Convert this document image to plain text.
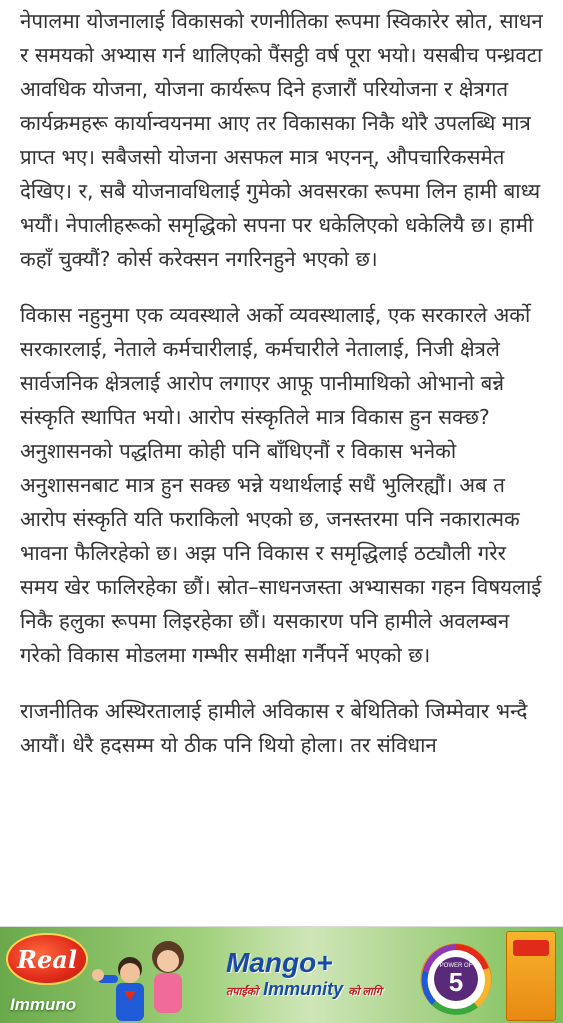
नेपालमा योजनालाई विकासको रणनीतिका रूपमा स्विकारेर स्रोत, साधन र समयको अभ्यास गर्न थालिएको पैंसट्ठी वर्ष पूरा भयो। यसबीच पन्ध्रवटा आवधिक योजना, योजना कार्यरूप दिने हजारौं परियोजना र क्षेत्रगत कार्यक्रमहरू कार्यान्वयनमा आए तर विकासका निकै थोरै उपलब्धि मात्र प्राप्त भए। सबैजसो योजना असफल मात्र भएनन्, औपचारिकसमेत देखिए। र, सबै योजनावधिलाई गुमेको अवसरका रूपमा लिन हामी बाध्य भयौं। नेपालीहरूको समृद्धिको सपना पर धकेलिएको धकेलियै छ। हामी कहाँ चुक्यौं? कोर्स करेक्सन नगरिनहुने भएको छ।

विकास नहुनुमा एक व्यवस्थाले अर्को व्यवस्थालाई, एक सरकारले अर्को सरकारलाई, नेताले कर्मचारीलाई, कर्मचारीले नेतालाई, निजी क्षेत्रले सार्वजनिक क्षेत्रलाई आरोप लगाएर आफू पानीमाथिको ओभानो बन्ने संस्कृति स्थापित भयो। आरोप संस्कृतिले मात्र विकास हुन सक्छ? अनुशासनको पद्धतिमा कोही पनि बाँधिएनौं र विकास भनेको अनुशासनबाट मात्र हुन सक्छ भन्ने यथार्थलाई सधैं भुलिरह्यौं। अब त आरोप संस्कृति यति फराकिलो भएको छ, जनस्तरमा पनि नकारात्मक भावना फैलिरहेको छ। अझ पनि विकास र समृद्धिलाई ठट्यौली गरेर समय खेर फालिरहेका छौं। स्रोत–साधनजस्ता अभ्यासका गहन विषयलाई निकै हलुका रूपमा लिइरहेका छौं। यसकारण पनि हामीले अवलम्बन गरेको विकास मोडलमा गम्भीर समीक्षा गर्नैपर्ने भएको छ।

राजनीतिक अस्थिरतालाई हामीले अविकास र बेथितिको जिम्मेवार भन्दै आयौं। धेरै हदसम्म यो ठीक पनि थियो होला। तर संविधान

Real
Immuno
Mango+
तपाईंको Immunity को लागि
POWER OF
5
